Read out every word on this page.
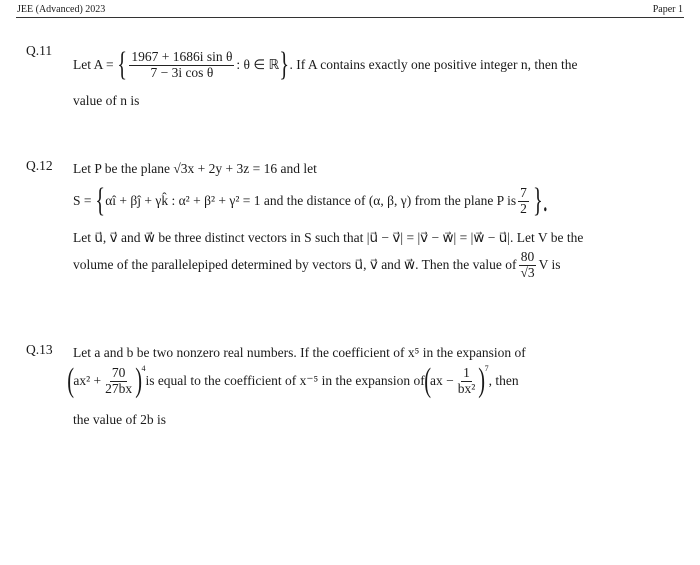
JEE (Advanced) 2023	Paper 1
Q.11
Let A = { $\frac{\text{1967 + 1686i sin θ}}{\text{7 − 3i cos θ}}$ : θ ∈ ℝ } . If A contains exactly one positive integer n, then the
value of n is
Q.12 Let P be the plane √3x + 2y + 3z = 16 and let
S = { αî + βĵ + γk̂ : α² + β² + γ² = 1 and the distance of (α, β, γ) from the plane P is $\frac{7}{2}$ }.
Let u⃗, v⃗ and w⃗ be three distinct vectors in S such that |u⃗ − v⃗| = |v⃗ − w⃗| = |w⃗ − u⃗|. Let V be the
volume of the parallelepiped determined by vectors u⃗, v⃗ and w⃗. Then the value of $\frac{80}{√3}$ V is
Q.13 Let a and b be two nonzero real numbers. If the coefficient of x⁵ in the expansion of
( $ax^2 + \frac{70}{27bx} )^4$
is equal to the coefficient of x⁻⁵ in the expansion of ( ax − $\frac{1}{\text{bx²}} )^7$
, then
the value of 2b is
